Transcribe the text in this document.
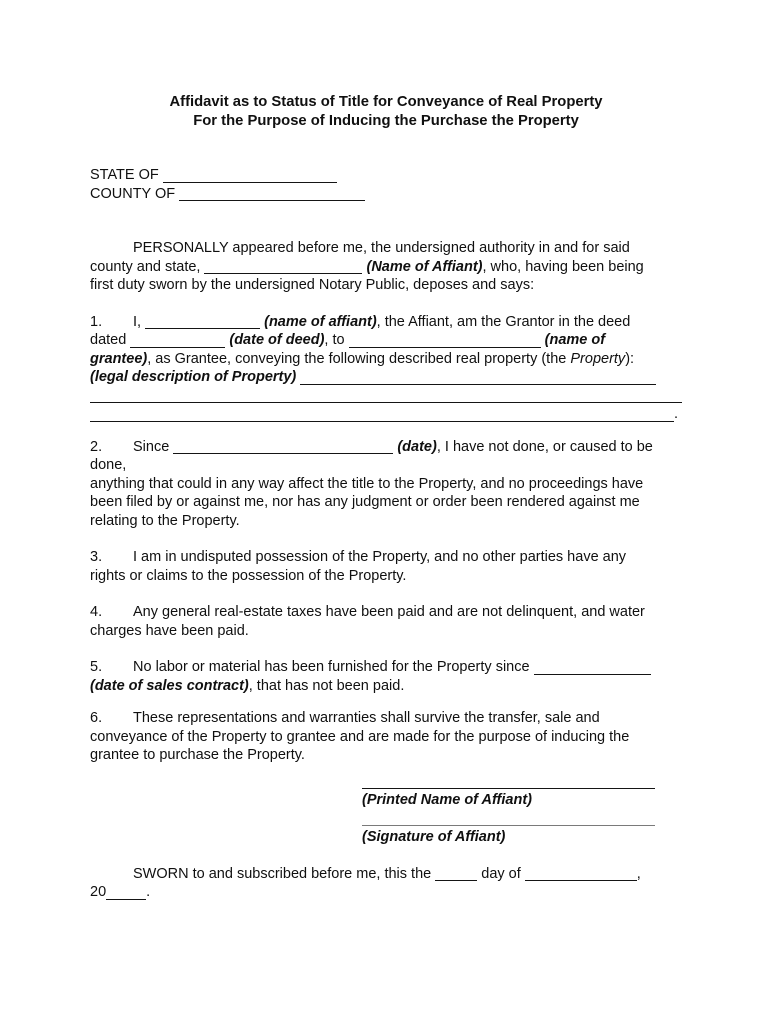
Affidavit as to Status of Title for Conveyance of Real Property
For the Purpose of Inducing the Purchase the Property
STATE OF
COUNTY OF
PERSONALLY appeared before me, the undersigned authority in and for said
county and state,	(Name of Affiant), who, having been being
first duty sworn by the undersigned Notary Public, deposes and says:
1. I,	(name of affiant), the Affiant, am the Grantor in the deed
dated	(date of deed), to	(name of
grantee), as Grantee, conveying the following described real property (the Property):
(legal description of Property)
.
2. Since	(date), I have not done, or caused to be done,
anything that could in any way affect the title to the Property, and no proceedings have
been filed by or against me, nor has any judgment or order been rendered against me
relating to the Property.
3. I am in undisputed possession of the Property, and no other parties have any
rights or claims to the possession of the Property.
4. Any general real-estate taxes have been paid and are not delinquent, and water
charges have been paid.
5. No labor or material has been furnished for the Property since
(date of sales contract), that has not been paid.
6. These representations and warranties shall survive the transfer, sale and
conveyance of the Property to grantee and are made for the purpose of inducing the
grantee to purchase the Property.
(Printed Name of Affiant)
(Signature of Affiant)
SWORN to and subscribed before me, this the	day of	,
20	.
